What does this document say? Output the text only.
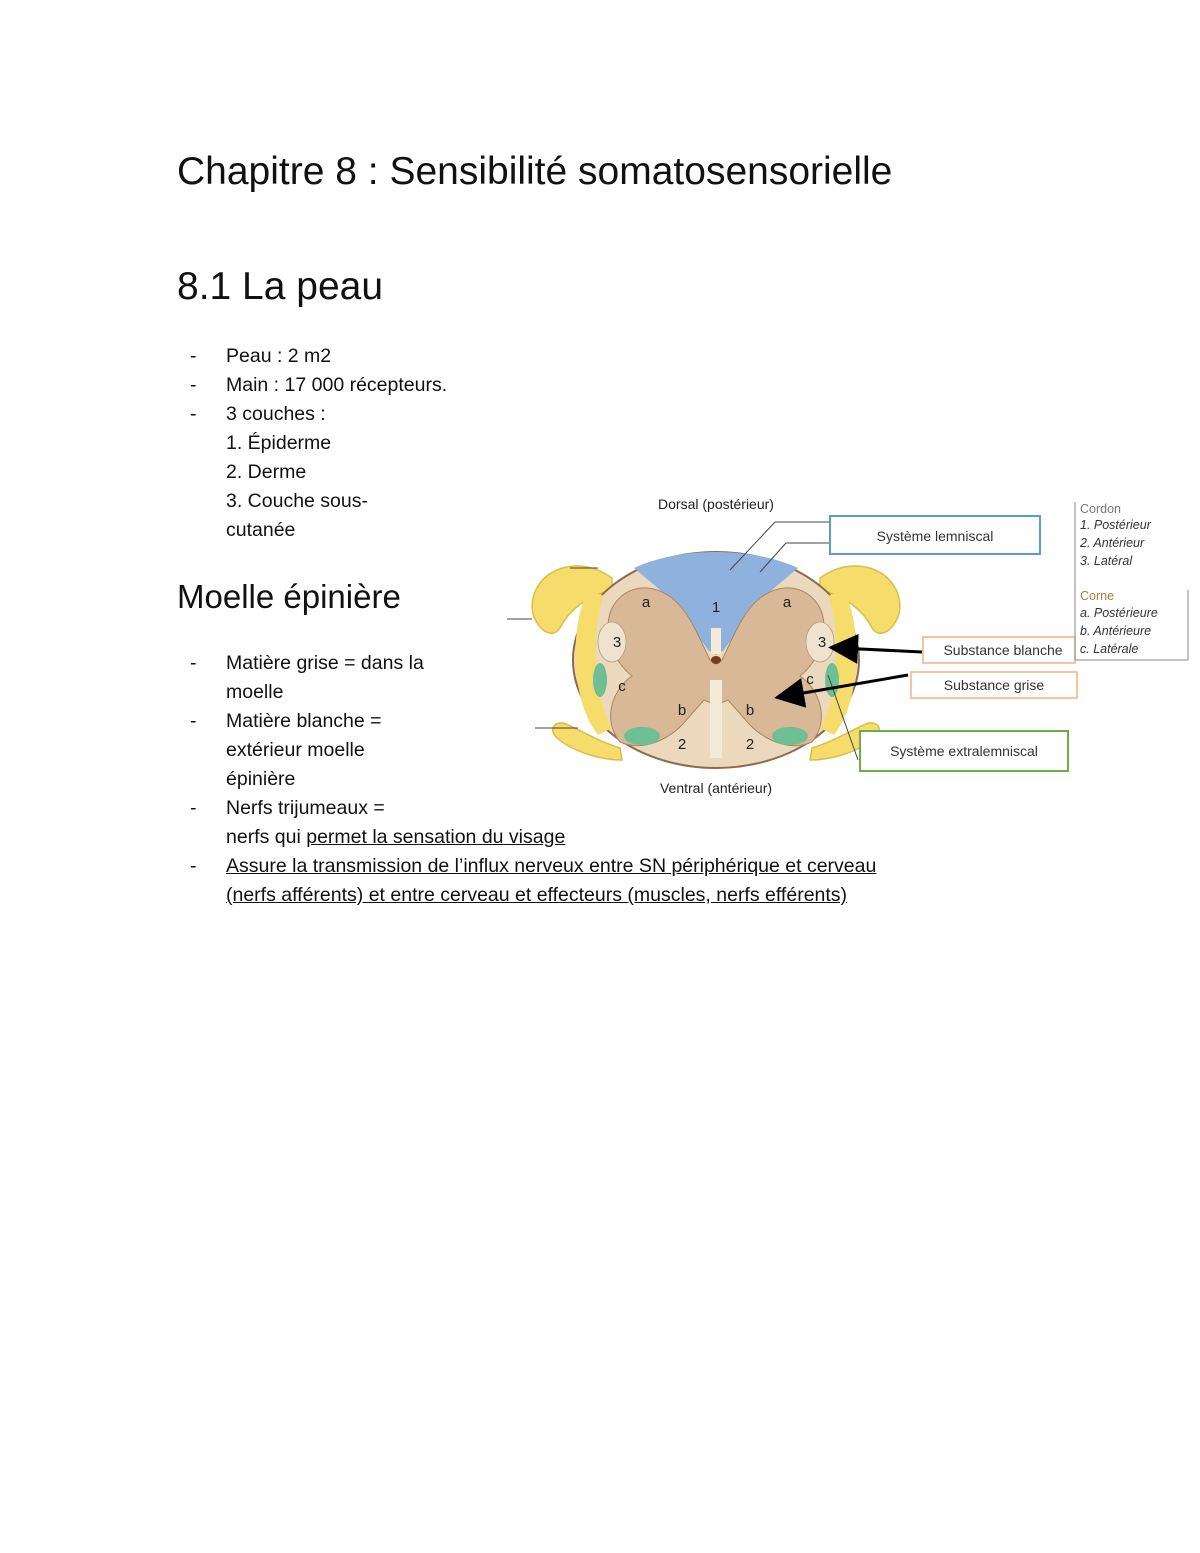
Chapitre 8 : Sensibilité somatosensorielle
8.1 La peau
- Peau : 2 m2
- Main : 17 000 récepteurs.
- 3 couches :
1. Épiderme
2. Derme
3. Couche sous-
cutanée
Moelle épinière
- Matière grise = dans la
moelle
- Matière blanche =
extérieur moelle
épinière
- Nerfs trijumeaux =
nerfs qui permet la sensation du visage
- Assure la transmission de l’influx nerveux entre SN périphérique et cerveau
(nerfs afférents) et entre cerveau et effecteurs (muscles, nerfs efférents)
1
2	2
3	3
a	a
b	b
c	c
Dorsal (postérieur)
Ventral (antérieur)
Système lemniscal
Substance blanche
Substance grise
Système extralemniscal
Cordon
1. Postérieur
2. Antérieur
3. Latéral
Corne
a. Postérieure
b. Antérieure
c. Latérale
